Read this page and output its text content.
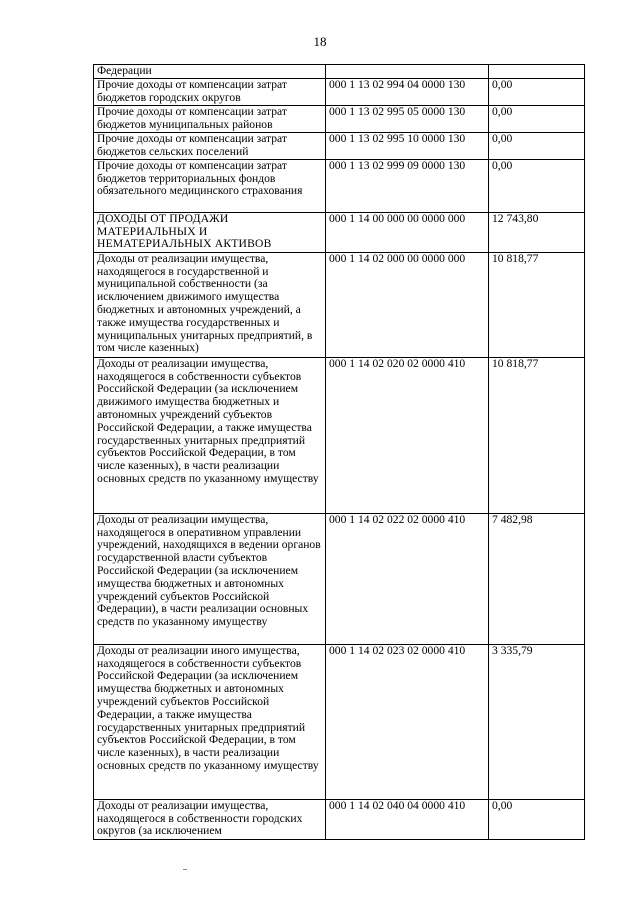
18
Федерации		
Прочие доходы от компенсации затрат бюджетов городских округов	000 1 13 02 994 04 0000 130	0,00
Прочие доходы от компенсации затрат бюджетов муниципальных районов	000 1 13 02 995 05 0000 130	0,00
Прочие доходы от компенсации затрат бюджетов сельских поселений	000 1 13 02 995 10 0000 130	0,00
Прочие доходы от компенсации затрат бюджетов территориальных фондов обязательного медицинского страхования	000 1 13 02 999 09 0000 130	0,00
ДОХОДЫ ОТ ПРОДАЖИ МАТЕРИАЛЬНЫХ И НЕМАТЕРИАЛЬНЫХ АКТИВОВ	000 1 14 00 000 00 0000 000	12 743,80
Доходы от реализации имущества, находящегося в государственной и муниципальной собственности (за исключением движимого имущества бюджетных и автономных учреждений, а также имущества государственных и муниципальных унитарных предприятий, в том числе казенных)	000 1 14 02 000 00 0000 000	10 818,77
Доходы от реализации имущества, находящегося в собственности субъектов Российской Федерации (за исключением движимого имущества бюджетных и автономных учреждений субъектов Российской Федерации, а также имущества государственных унитарных предприятий субъектов Российской Федерации, в том числе казенных), в части реализации основных средств по указанному имуществу	000 1 14 02 020 02 0000 410	10 818,77
Доходы от реализации имущества, находящегося в оперативном управлении учреждений, находящихся в ведении органов государственной власти субъектов Российской Федерации (за исключением имущества бюджетных и автономных учреждений субъектов Российской Федерации), в части реализации основных средств по указанному имуществу	000 1 14 02 022 02 0000 410	7 482,98
Доходы от реализации иного имущества, находящегося в собственности субъектов Российской Федерации (за исключением имущества бюджетных и автономных учреждений субъектов Российской Федерации, а также имущества государственных унитарных предприятий субъектов Российской Федерации, в том числе казенных), в части реализации основных средств по указанному имуществу	000 1 14 02 023 02 0000 410	3 335,79
Доходы от реализации имущества, находящегося в собственности городских округов (за исключением	000 1 14 02 040 04 0000 410	0,00
